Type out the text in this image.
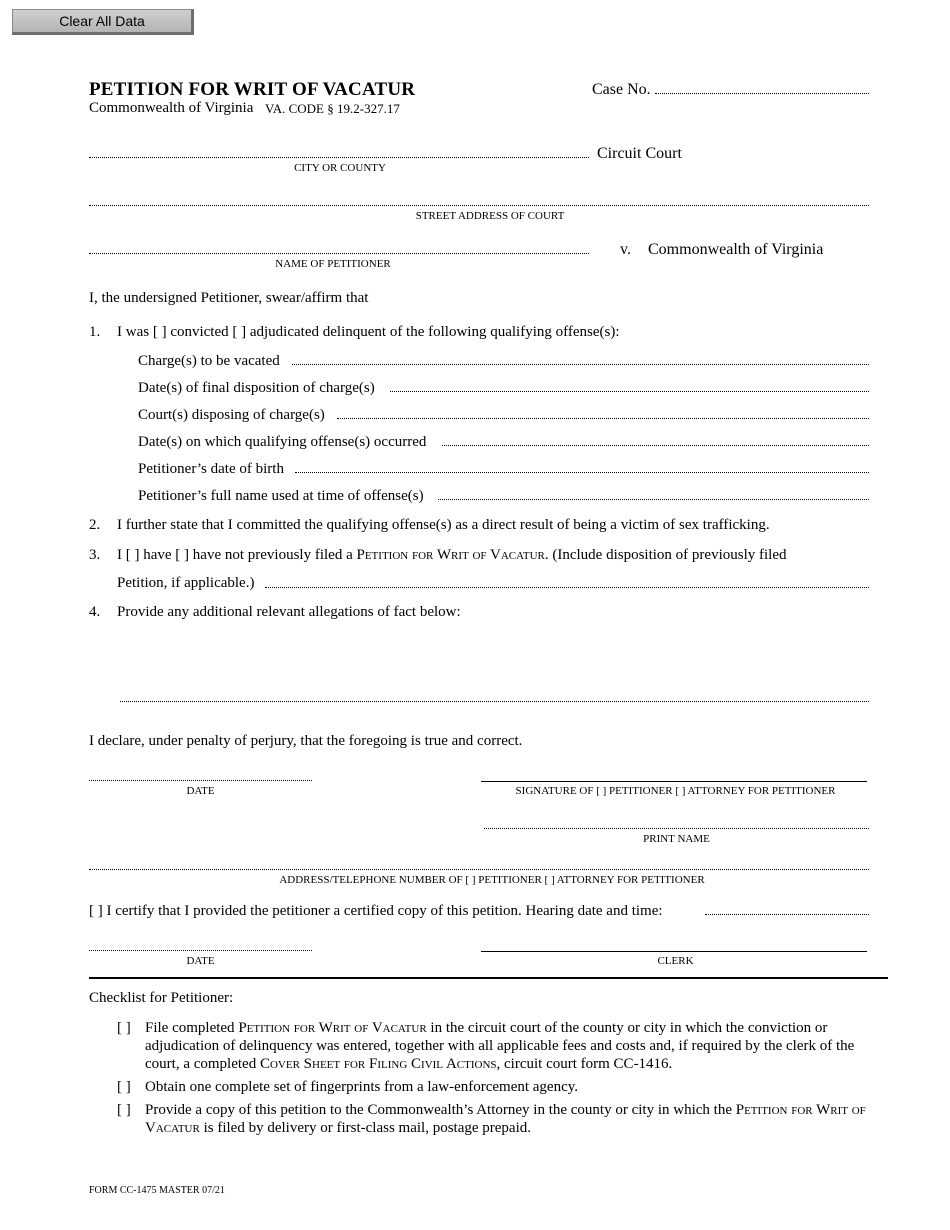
Clear All Data
PETITION FOR WRIT OF VACATUR
Commonwealth of Virginia VA. CODE § 19.2-327.17
Case No.
Circuit Court
CITY OR COUNTY
STREET ADDRESS OF COURT
NAME OF PETITIONER
v. Commonwealth of Virginia
I, the undersigned Petitioner, swear/affirm that
1. I was [ ] convicted [ ] adjudicated delinquent of the following qualifying offense(s):
Charge(s) to be vacated
Date(s) of final disposition of charge(s)
Court(s) disposing of charge(s)
Date(s) on which qualifying offense(s) occurred
Petitioner’s date of birth
Petitioner’s full name used at time of offense(s)
2. I further state that I committed the qualifying offense(s) as a direct result of being a victim of sex trafficking.
3. I [ ] have [ ] have not previously filed a Petition for Writ of Vacatur. (Include disposition of previously filed
Petition, if applicable.)
4. Provide any additional relevant allegations of fact below:
I declare, under penalty of perjury, that the foregoing is true and correct.
DATE	SIGNATURE OF [ ] PETITIONER [ ] ATTORNEY FOR PETITIONER
PRINT NAME
ADDRESS/TELEPHONE NUMBER OF [ ] PETITIONER [ ] ATTORNEY FOR PETITIONER
[ ] I certify that I provided the petitioner a certified copy of this petition. Hearing date and time:
DATE	CLERK
Checklist for Petitioner:
[ ] File completed Petition for Writ of Vacatur in the circuit court of the county or city in which the conviction or adjudication of delinquency was entered, together with all applicable fees and costs and, if required by the clerk of the court, a completed Cover Sheet for Filing Civil Actions, circuit court form CC-1416.
[ ] Obtain one complete set of fingerprints from a law-enforcement agency.
[ ] Provide a copy of this petition to the Commonwealth’s Attorney in the county or city in which the Petition for Writ of Vacatur is filed by delivery or first-class mail, postage prepaid.
FORM CC-1475 MASTER 07/21
